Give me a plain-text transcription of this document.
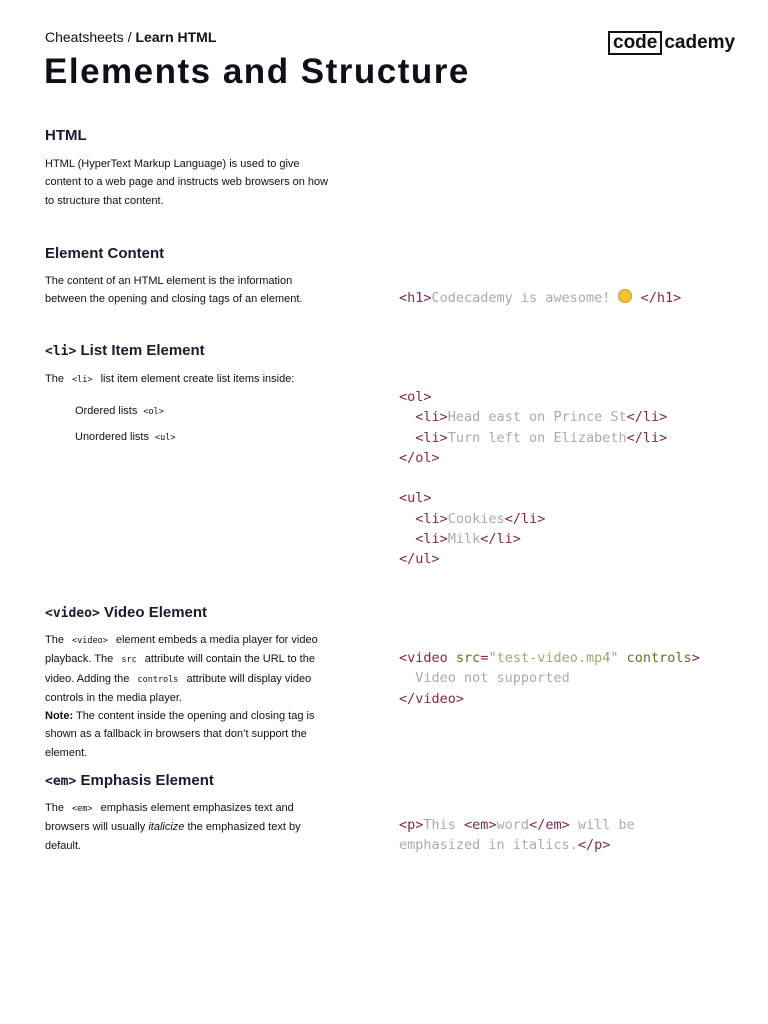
Cheatsheets / Learn HTML	code cademy
Elements and Structure
HTML
HTML (HyperText Markup Language) is used to give content to a web page and instructs web browsers on how to structure that content.
Element Content
The content of an HTML element is the information between the opening and closing tags of an element.	<h1>Codecademy is awesome!  </h1>
<li> List Item Element
The <li> list item element create list items inside:
Ordered lists <ol>
Unordered lists <ul>
<ol>
<li>Head east on Prince St</li>
<li>Turn left on Elizabeth</li>
</ol>

<ul>
<li>Cookies</li>
<li>Milk</li>
</ul>
<video> Video Element
The <video> element embeds a media player for video playback. The src attribute will contain the URL to the video. Adding the controls attribute will display video controls in the media player.
Note: The content inside the opening and closing tag is shown as a fallback in browsers that don’t support the element.
<video src="test-video.mp4" controls>
Video not supported
</video>
<em> Emphasis Element
The <em> emphasis element emphasizes text and browsers will usually italicize the emphasized text by default.
<p>This <em>word</em> will be
emphasized in italics.</p>
